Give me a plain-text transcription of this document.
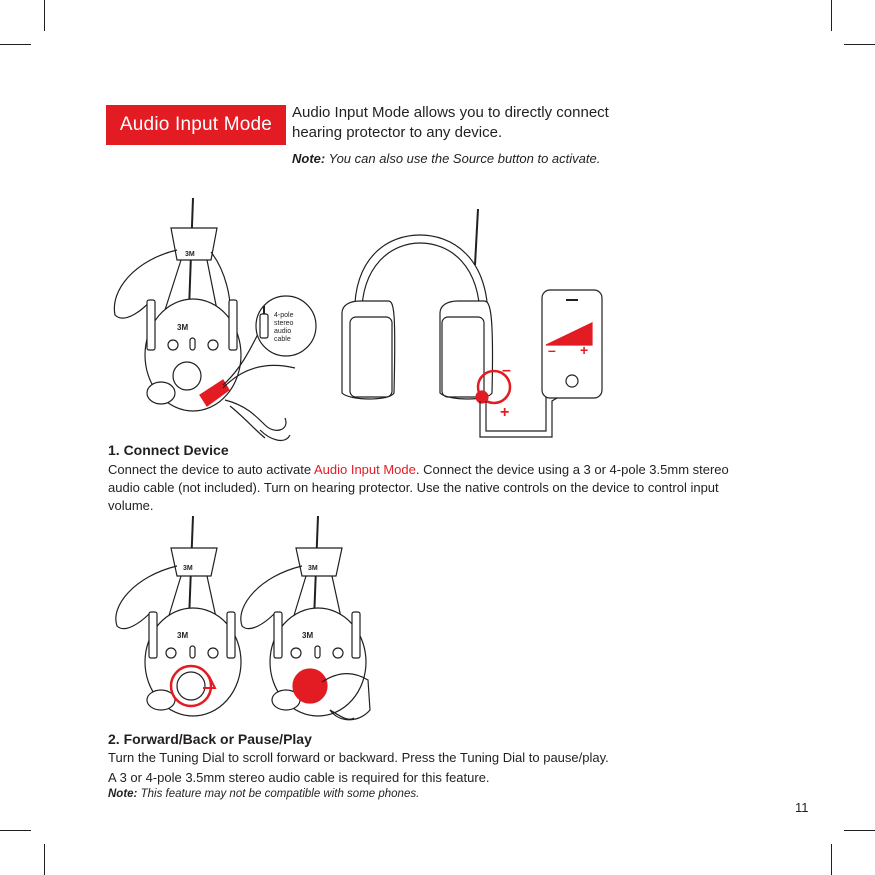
Audio Input Mode
Audio Input Mode allows you to directly connect hearing protector to any device.
Note: You can also use the Source button to activate.
3M
3M
4-pole
stereo
audio
cable
–
+
– +
1. Connect Device
Connect the device to auto activate Audio Input Mode. Connect the device using a 3 or 4-pole 3.5mm stereo audio cable (not included). Turn on hearing protector. Use the native controls on the device to control input volume.
3M
3M
3M
3M
2. Forward/Back or Pause/Play
Turn the Tuning Dial to scroll forward or backward. Press the Tuning Dial to pause/play.
A 3 or 4-pole 3.5mm stereo audio cable is required for this feature.
Note: This feature may not be compatible with some phones.
11
